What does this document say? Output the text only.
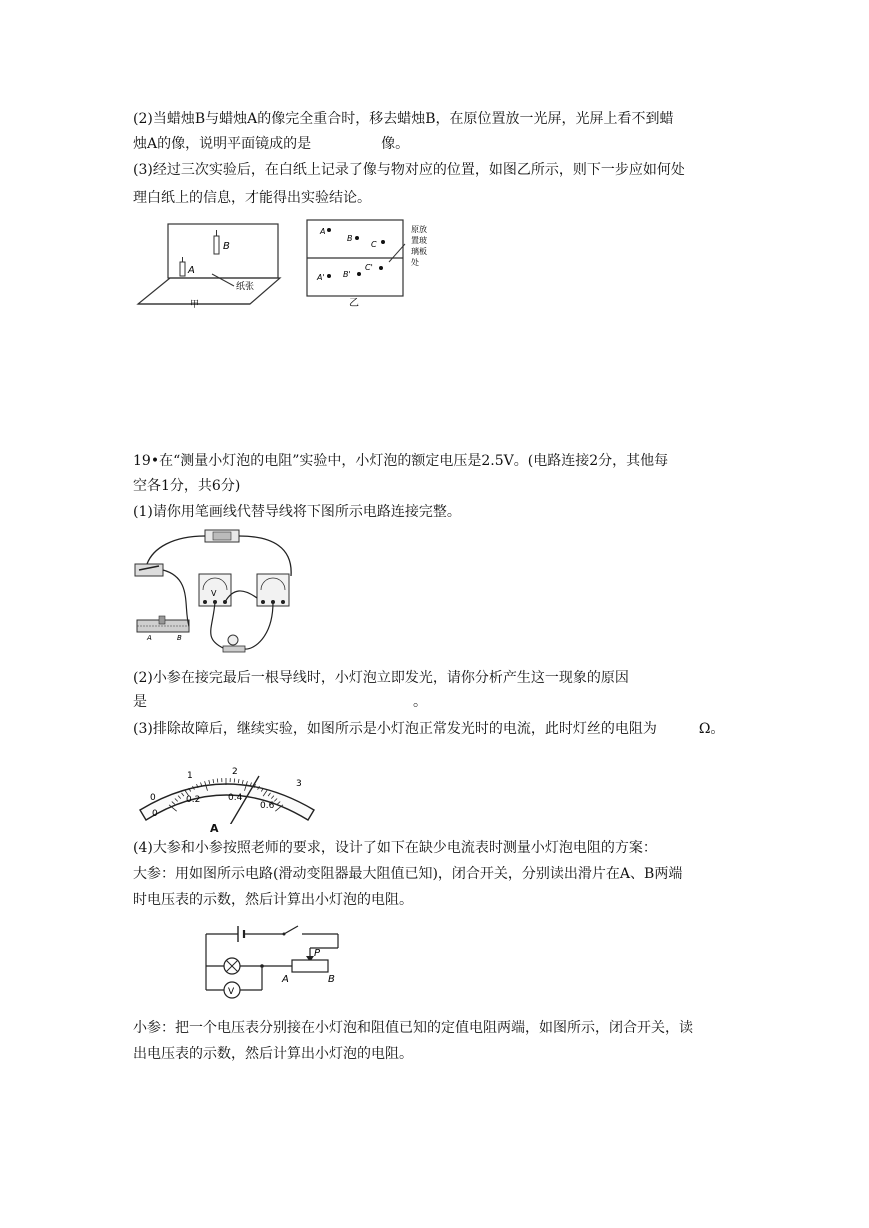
(2)当蜡烛B与蜡烛A的像完全重合时，移去蜡烛B，在原位置放一光屏，光屏上看不到蜡
烛A的像，说明平面镜成的是　　　　　像。
(3)经过三次实验后，在白纸上记录了像与物对应的位置，如图乙所示，则下一步应如何处
理白纸上的信息，才能得出实验结论。
B
A
纸张
甲
A
B
C
A' B'
C'
乙
原放
置玻
璃板
处
19•在“测量小灯泡的电阻”实验中，小灯泡的额定电压是2.5V。(电路连接2分，其他每
空各1分，共6分)
(1)请你用笔画线代替导线将下图所示电路连接完整。
V
A	B
(2)小参在接完最后一根导线时，小灯泡立即发光，请你分析产生这一现象的原因
是　　　　　　　　　　　　　　　　　　　。
(3)排除故障后，继续实验，如图所示是小灯泡正常发光时的电流，此时灯丝的电阻为　　　Ω。
0
1	2
3
0
0.2	0.4
0.6
A
(4)大参和小参按照老师的要求，设计了如下在缺少电流表时测量小灯泡电阻的方案：
大参：用如图所示电路(滑动变阻器最大阻值已知)，闭合开关，分别读出滑片在A、B两端
时电压表的示数，然后计算出小灯泡的电阻。
P
A	B
V
小参：把一个电压表分别接在小灯泡和阻值已知的定值电阻两端，如图所示，闭合开关，读
出电压表的示数，然后计算出小灯泡的电阻。
